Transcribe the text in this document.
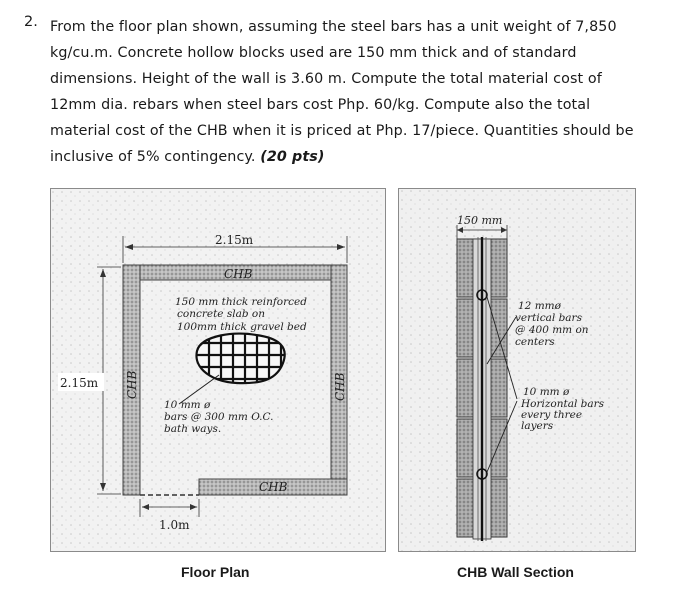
2. From the floor plan shown, assuming the steel bars has a unit weight of 7,850
kg/cu.m. Concrete hollow blocks used are 150 mm thick and of standard
dimensions. Height of the wall is 3.60 m. Compute the total material cost of
12mm dia. rebars when steel bars cost Php. 60/kg. Compute also the total
material cost of the CHB when it is priced at Php. 17/piece. Quantities should be
inclusive of 5% contingency. (20 pts)
CHB
CHB	CHB
CHB
2.15m
2.15m
1.0m
150 mm thick reinforced concrete slab on 100mm thick gravel bed
10 mm ø bars @ 300 mm O.C. bath ways.
150 mm
12 mmø vertical bars @ 400 mm on centers
10 mm ø Horizontal bars every three layers
Floor Plan	CHB Wall Section
